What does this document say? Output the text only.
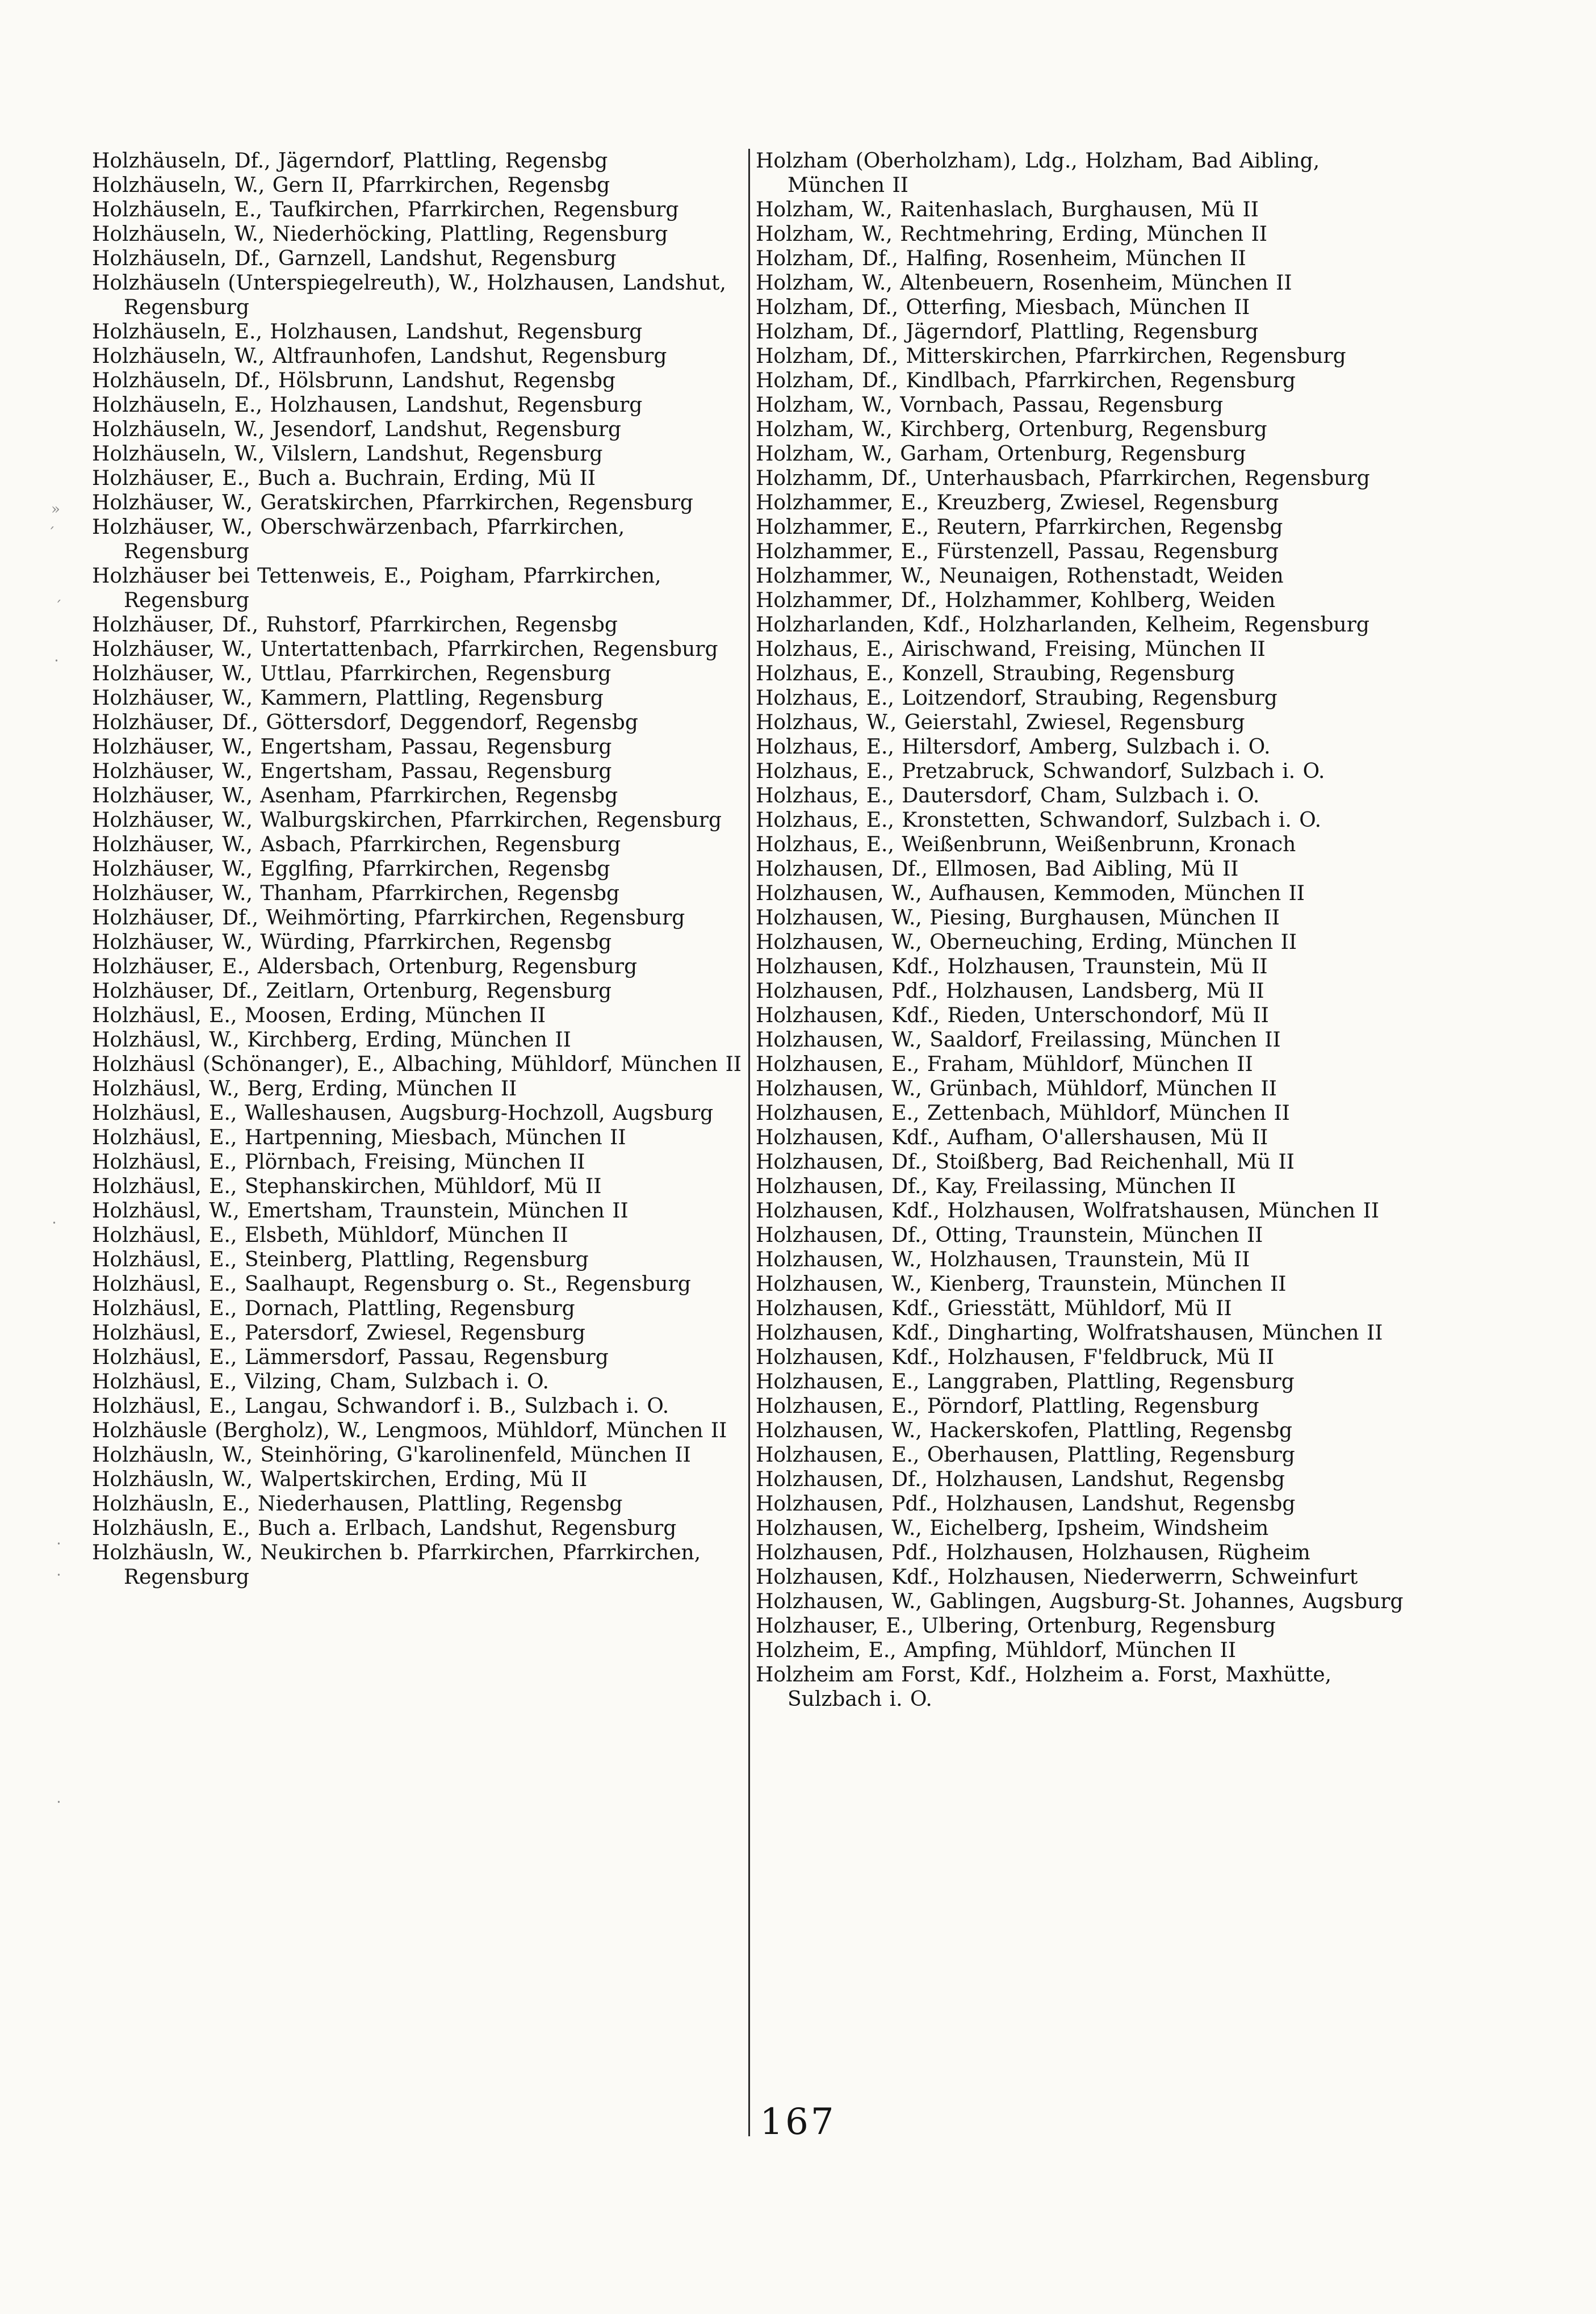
Holzhäuseln, Df., Jägerndorf, Plattling, Regensbg
Holzhäuseln, W., Gern II, Pfarrkirchen, Regensbg
Holzhäuseln, E., Taufkirchen, Pfarrkirchen, Regensburg
Holzhäuseln, W., Niederhöcking, Plattling, Regensburg
Holzhäuseln, Df., Garnzell, Landshut, Regensburg
Holzhäuseln (Unterspiegelreuth), W., Holzhausen, Landshut, Regensburg
Holzhäuseln, E., Holzhausen, Landshut, Regensburg
Holzhäuseln, W., Altfraunhofen, Landshut, Regensburg
Holzhäuseln, Df., Hölsbrunn, Landshut, Regensbg
Holzhäuseln, E., Holzhausen, Landshut, Regensburg
Holzhäuseln, W., Jesendorf, Landshut, Regensburg
Holzhäuseln, W., Vilslern, Landshut, Regensburg
Holzhäuser, E., Buch a. Buchrain, Erding, Mü II
Holzhäuser, W., Geratskirchen, Pfarrkirchen, Regensburg
Holzhäuser, W., Oberschwärzenbach, Pfarrkirchen, Regensburg
Holzhäuser bei Tettenweis, E., Poigham, Pfarrkirchen, Regensburg
Holzhäuser, Df., Ruhstorf, Pfarrkirchen, Regensbg
Holzhäuser, W., Untertattenbach, Pfarrkirchen, Regensburg
Holzhäuser, W., Uttlau, Pfarrkirchen, Regensburg
Holzhäuser, W., Kammern, Plattling, Regensburg
Holzhäuser, Df., Göttersdorf, Deggendorf, Regensbg
Holzhäuser, W., Engertsham, Passau, Regensburg
Holzhäuser, W., Engertsham, Passau, Regensburg
Holzhäuser, W., Asenham, Pfarrkirchen, Regensbg
Holzhäuser, W., Walburgskirchen, Pfarrkirchen, Regensburg
Holzhäuser, W., Asbach, Pfarrkirchen, Regensburg
Holzhäuser, W., Egglfing, Pfarrkirchen, Regensbg
Holzhäuser, W., Thanham, Pfarrkirchen, Regensbg
Holzhäuser, Df., Weihmörting, Pfarrkirchen, Regensburg
Holzhäuser, W., Würding, Pfarrkirchen, Regensbg
Holzhäuser, E., Aldersbach, Ortenburg, Regensburg
Holzhäuser, Df., Zeitlarn, Ortenburg, Regensburg
Holzhäusl, E., Moosen, Erding, München II
Holzhäusl, W., Kirchberg, Erding, München II
Holzhäusl (Schönanger), E., Albaching, Mühldorf, München II
Holzhäusl, W., Berg, Erding, München II
Holzhäusl, E., Walleshausen, Augsburg-Hochzoll, Augsburg
Holzhäusl, E., Hartpenning, Miesbach, München II
Holzhäusl, E., Plörnbach, Freising, München II
Holzhäusl, E., Stephanskirchen, Mühldorf, Mü II
Holzhäusl, W., Emertsham, Traunstein, München II
Holzhäusl, E., Elsbeth, Mühldorf, München II
Holzhäusl, E., Steinberg, Plattling, Regensburg
Holzhäusl, E., Saalhaupt, Regensburg o. St., Regensburg
Holzhäusl, E., Dornach, Plattling, Regensburg
Holzhäusl, E., Patersdorf, Zwiesel, Regensburg
Holzhäusl, E., Lämmersdorf, Passau, Regensburg
Holzhäusl, E., Vilzing, Cham, Sulzbach i. O.
Holzhäusl, E., Langau, Schwandorf i. B., Sulzbach i. O.
Holzhäusle (Bergholz), W., Lengmoos, Mühldorf, München II
Holzhäusln, W., Steinhöring, G'karolinenfeld, München II
Holzhäusln, W., Walpertskirchen, Erding, Mü II
Holzhäusln, E., Niederhausen, Plattling, Regensbg
Holzhäusln, E., Buch a. Erlbach, Landshut, Regensburg
Holzhäusln, W., Neukirchen b. Pfarrkirchen, Pfarrkirchen, Regensburg
Holzham (Oberholzham), Ldg., Holzham, Bad Aibling, München II
Holzham, W., Raitenhaslach, Burghausen, Mü II
Holzham, W., Rechtmehring, Erding, München II
Holzham, Df., Halfing, Rosenheim, München II
Holzham, W., Altenbeuern, Rosenheim, München II
Holzham, Df., Otterfing, Miesbach, München II
Holzham, Df., Jägerndorf, Plattling, Regensburg
Holzham, Df., Mitterskirchen, Pfarrkirchen, Regensburg
Holzham, Df., Kindlbach, Pfarrkirchen, Regensburg
Holzham, W., Vornbach, Passau, Regensburg
Holzham, W., Kirchberg, Ortenburg, Regensburg
Holzham, W., Garham, Ortenburg, Regensburg
Holzhamm, Df., Unterhausbach, Pfarrkirchen, Regensburg
Holzhammer, E., Kreuzberg, Zwiesel, Regensburg
Holzhammer, E., Reutern, Pfarrkirchen, Regensbg
Holzhammer, E., Fürstenzell, Passau, Regensburg
Holzhammer, W., Neunaigen, Rothenstadt, Weiden
Holzhammer, Df., Holzhammer, Kohlberg, Weiden
Holzharlanden, Kdf., Holzharlanden, Kelheim, Regensburg
Holzhaus, E., Airischwand, Freising, München II
Holzhaus, E., Konzell, Straubing, Regensburg
Holzhaus, E., Loitzendorf, Straubing, Regensburg
Holzhaus, W., Geierstahl, Zwiesel, Regensburg
Holzhaus, E., Hiltersdorf, Amberg, Sulzbach i. O.
Holzhaus, E., Pretzabruck, Schwandorf, Sulzbach i. O.
Holzhaus, E., Dautersdorf, Cham, Sulzbach i. O.
Holzhaus, E., Kronstetten, Schwandorf, Sulzbach i. O.
Holzhaus, E., Weißenbrunn, Weißenbrunn, Kronach
Holzhausen, Df., Ellmosen, Bad Aibling, Mü II
Holzhausen, W., Aufhausen, Kemmoden, München II
Holzhausen, W., Piesing, Burghausen, München II
Holzhausen, W., Oberneuching, Erding, München II
Holzhausen, Kdf., Holzhausen, Traunstein, Mü II
Holzhausen, Pdf., Holzhausen, Landsberg, Mü II
Holzhausen, Kdf., Rieden, Unterschondorf, Mü II
Holzhausen, W., Saaldorf, Freilassing, München II
Holzhausen, E., Fraham, Mühldorf, München II
Holzhausen, W., Grünbach, Mühldorf, München II
Holzhausen, E., Zettenbach, Mühldorf, München II
Holzhausen, Kdf., Aufham, O'allershausen, Mü II
Holzhausen, Df., Stoißberg, Bad Reichenhall, Mü II
Holzhausen, Df., Kay, Freilassing, München II
Holzhausen, Kdf., Holzhausen, Wolfratshausen, München II
Holzhausen, Df., Otting, Traunstein, München II
Holzhausen, W., Holzhausen, Traunstein, Mü II
Holzhausen, W., Kienberg, Traunstein, München II
Holzhausen, Kdf., Griesstätt, Mühldorf, Mü II
Holzhausen, Kdf., Dingharting, Wolfratshausen, München II
Holzhausen, Kdf., Holzhausen, F'feldbruck, Mü II
Holzhausen, E., Langgraben, Plattling, Regensburg
Holzhausen, E., Pörndorf, Plattling, Regensburg
Holzhausen, W., Hackerskofen, Plattling, Regensbg
Holzhausen, E., Oberhausen, Plattling, Regensburg
Holzhausen, Df., Holzhausen, Landshut, Regensbg
Holzhausen, Pdf., Holzhausen, Landshut, Regensbg
Holzhausen, W., Eichelberg, Ipsheim, Windsheim
Holzhausen, Pdf., Holzhausen, Holzhausen, Rügheim
Holzhausen, Kdf., Holzhausen, Niederwerrn, Schweinfurt
Holzhausen, W., Gablingen, Augsburg-St. Johannes, Augsburg
Holzhauser, E., Ulbering, Ortenburg, Regensburg
Holzheim, E., Ampfing, Mühldorf, München II
Holzheim am Forst, Kdf., Holzheim a. Forst, Maxhütte, Sulzbach i. O.
»
´
´
⸳
⸳
⸳
⸳
⸳
167
